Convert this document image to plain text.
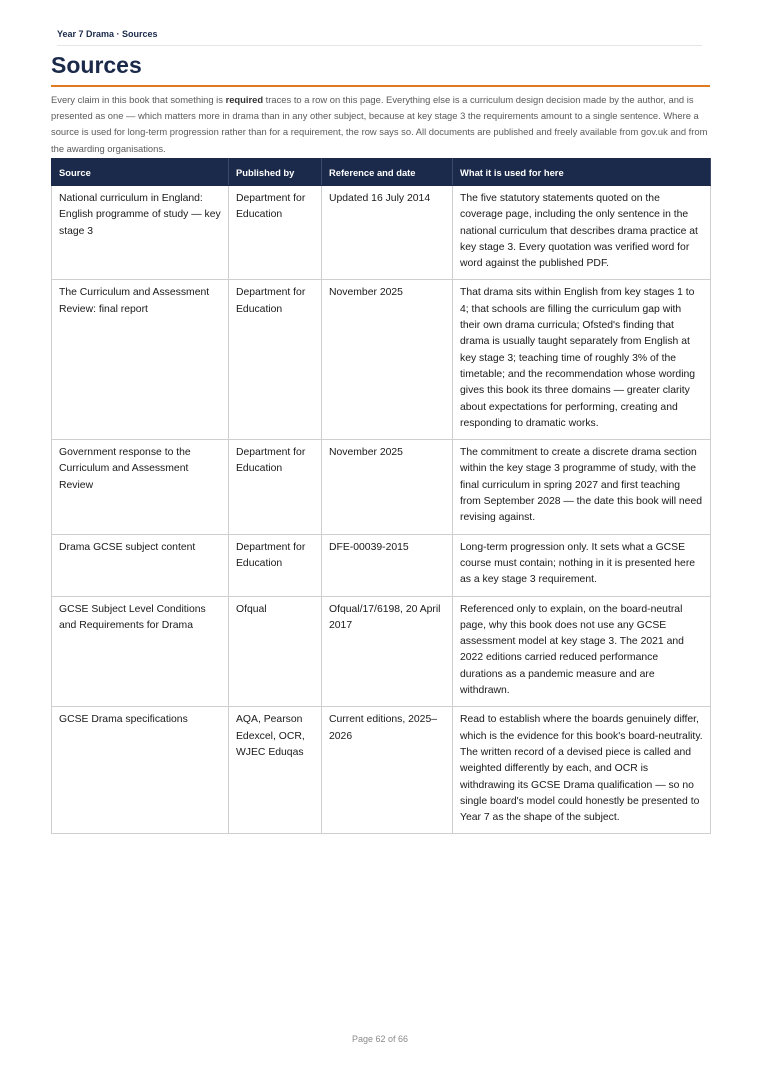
Year 7 Drama · Sources
Sources

Every claim in this book that something is required traces to a row on this page. Everything else is a curriculum design decision made by the author, and is presented as one — which matters more in drama than in any other subject, because at key stage 3 the requirements amount to a single sentence. Where a source is used for long-term progression rather than for a requirement, the row says so. All documents are published and freely available from gov.uk and from the awarding organisations.

Source	Published by	Reference and date	What it is used for here
National curriculum in England: English programme of study — key stage 3	Department for Education	Updated 16 July 2014	The five statutory statements quoted on the coverage page, including the only sentence in the national curriculum that describes drama practice at key stage 3. Every quotation was verified word for word against the published PDF.
The Curriculum and Assessment Review: final report	Department for Education	November 2025	That drama sits within English from key stages 1 to 4; that schools are filling the curriculum gap with their own drama curricula; Ofsted's finding that drama is usually taught separately from English at key stage 3; teaching time of roughly 3% of the timetable; and the recommendation whose wording gives this book its three domains — greater clarity about expectations for performing, creating and responding to dramatic works.
Government response to the Curriculum and Assessment Review	Department for Education	November 2025	The commitment to create a discrete drama section within the key stage 3 programme of study, with the final curriculum in spring 2027 and first teaching from September 2028 — the date this book will need revising against.
Drama GCSE subject content	Department for Education	DFE-00039-2015	Long-term progression only. It sets what a GCSE course must contain; nothing in it is presented here as a key stage 3 requirement.
GCSE Subject Level Conditions and Requirements for Drama	Ofqual	Ofqual/17/6198, 20 April 2017	Referenced only to explain, on the board-neutral page, why this book does not use any GCSE assessment model at key stage 3. The 2021 and 2022 editions carried reduced performance durations as a pandemic measure and are withdrawn.
GCSE Drama specifications	AQA, Pearson Edexcel, OCR, WJEC Eduqas	Current editions, 2025–2026	Read to establish where the boards genuinely differ, which is the evidence for this book's board-neutrality. The written record of a devised piece is called and weighted differently by each, and OCR is withdrawing its GCSE Drama qualification — so no single board's model could honestly be presented to Year 7 as the shape of the subject.
Page 62 of 66
